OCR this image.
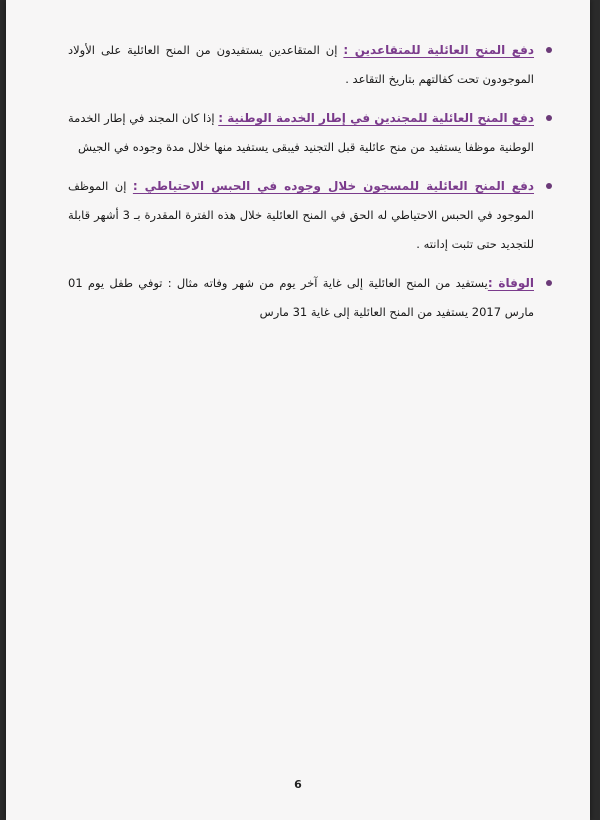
دفع المنح العائلية للمتقاعدين : إن المتقاعدين يستفيدون من المنح العائلية على الأولاد الموجودون تحت كفالتهم بتاريخ التقاعد .
دفع المنح العائلية للمجندين في إطار الخدمة الوطنية : إذا كان المجند في إطار الخدمة الوطنية موظفا يستفيد من منح عائلية قبل التجنيد فيبقى يستفيد منها خلال مدة وجوده في الجيش
دفع المنح العائلية للمسجون خلال وجوده في الحبس الاحتياطي : إن الموظف الموجود في الحبس الاحتياطي له الحق في المنح العائلية خلال هذه الفترة المقدرة بـ 3 أشهر قابلة للتجديد حتى تثبت إدانته .
الوفاة :يستفيد من المنح العائلية إلى غاية آخر يوم من شهر وفاته مثال : توفي طفل يوم 01 مارس 2017 يستفيد من المنح العائلية إلى غاية 31 مارس
6
